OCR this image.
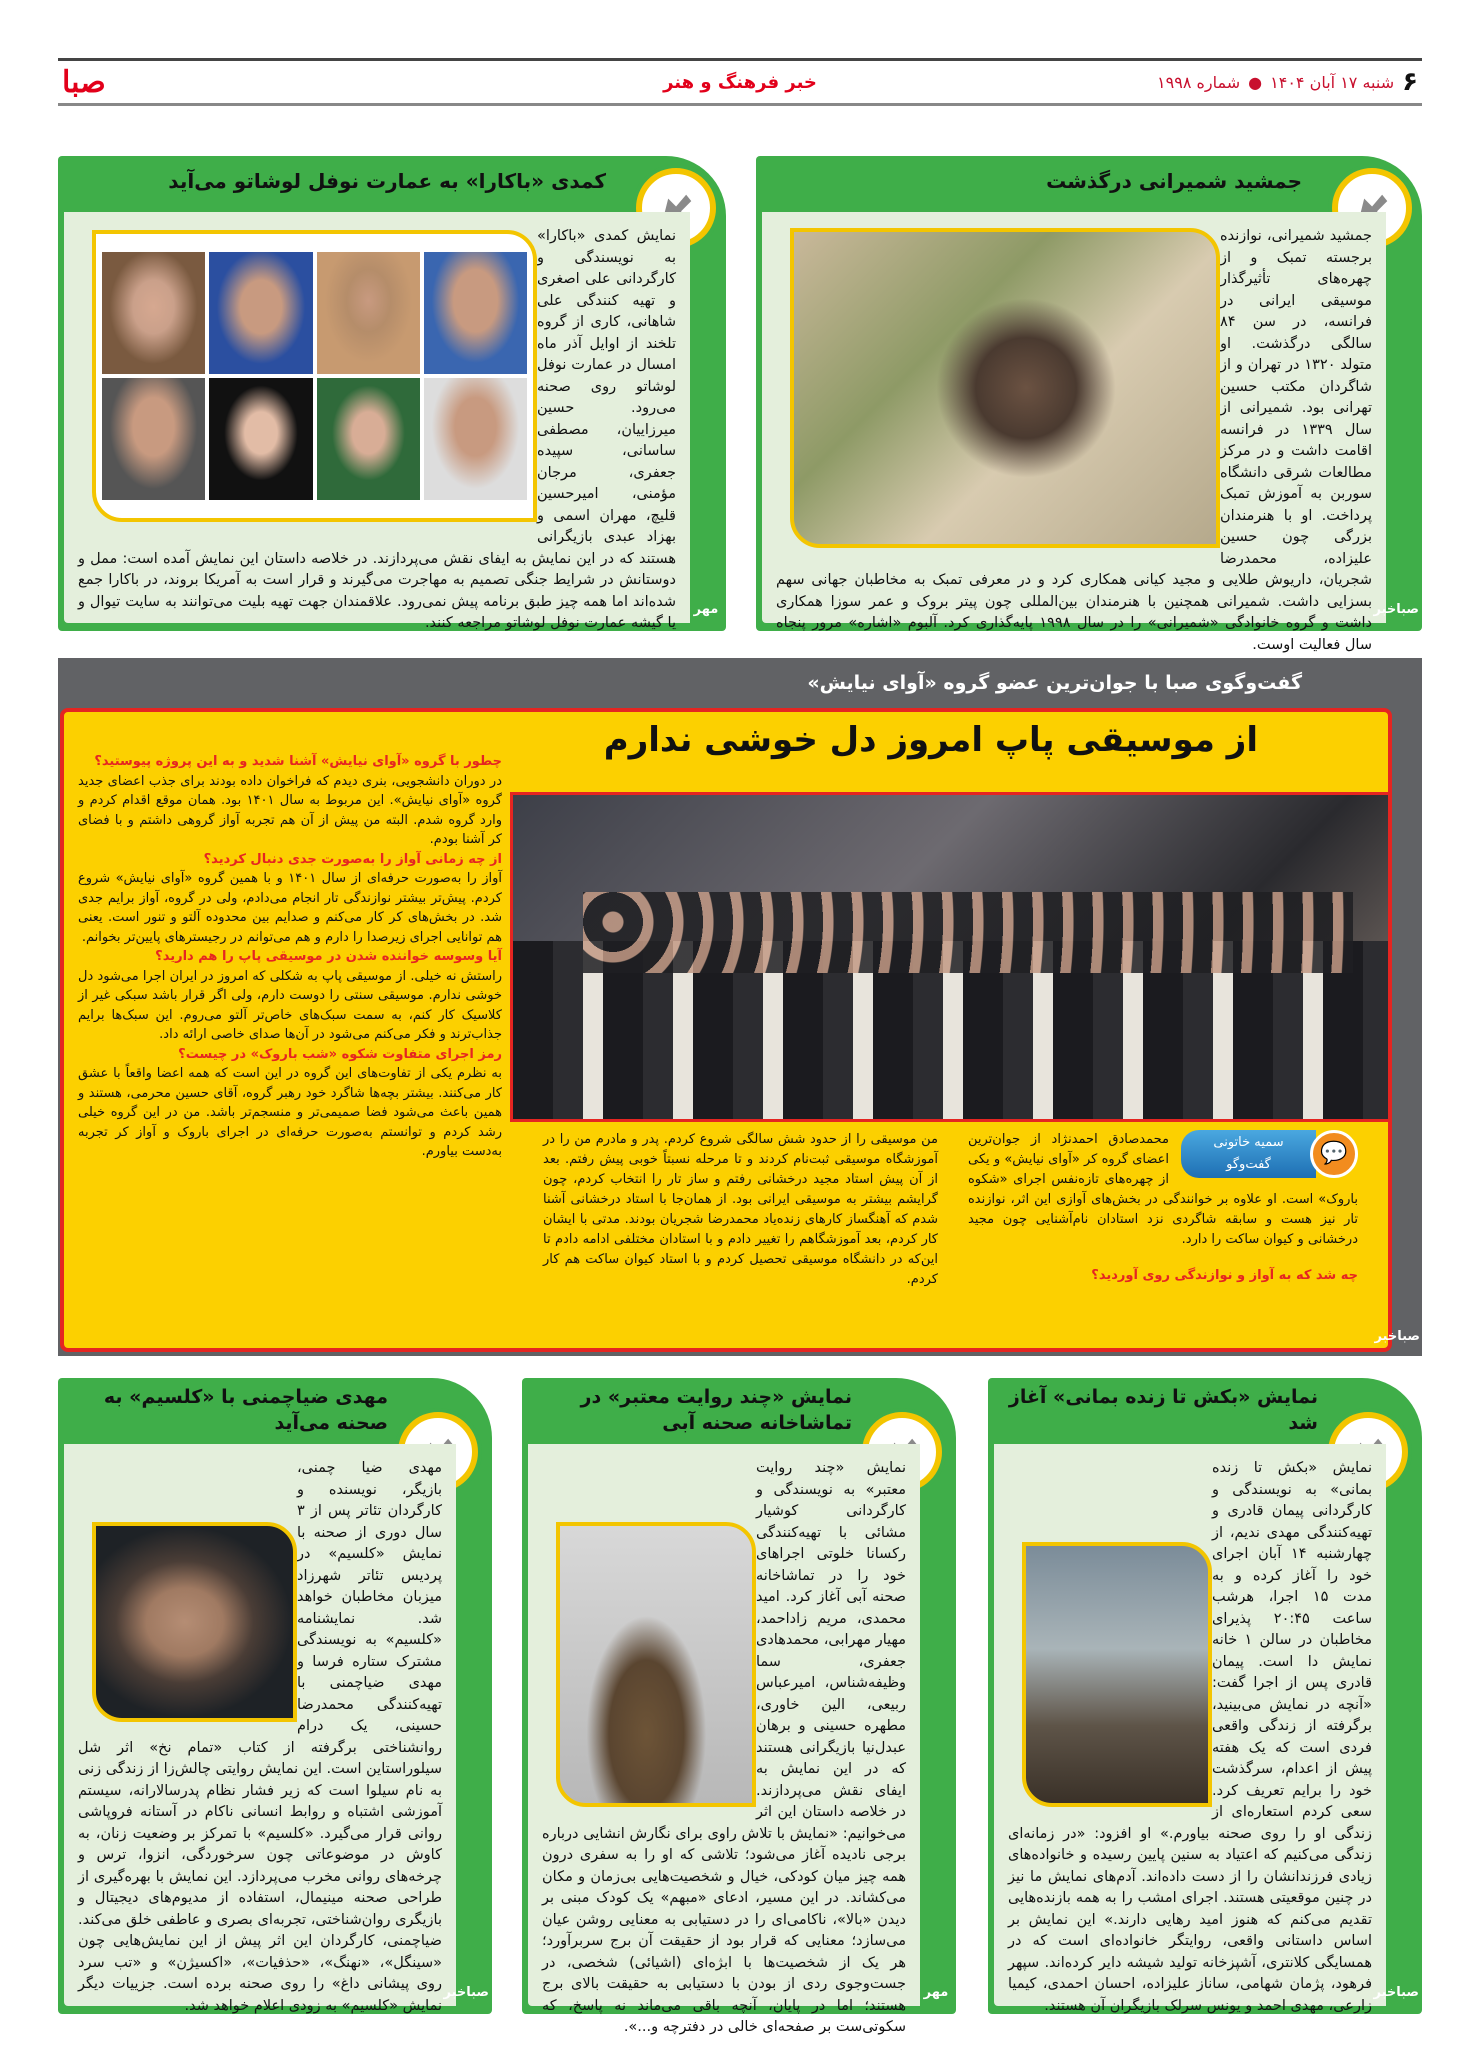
۶
شنبه ۱۷ آبان ۱۴۰۴
●
شماره ۱۹۹۸
خبر فرهنگ و هنر
صبا
جمشید شمیرانی درگذشت

جمشید شمیرانی، نوازنده برجسته تمبک و از چهره‌های تأثیرگذار موسیقی ایرانی در فرانسه، در سن ۸۴ سالگی درگذشت. او متولد ۱۳۲۰ در تهران و از شاگردان مکتب حسین تهرانی بود. شمیرانی از سال ۱۳۳۹ در فرانسه اقامت داشت و در مرکز مطالعات شرقی دانشگاه سوربن به آموزش تمبک پرداخت. او با هنرمندان بزرگی چون حسین علیزاده، محمدرضا شجریان، داریوش طلایی و مجید کیانی همکاری کرد و در معرفی تمبک به مخاطبان جهانی سهم بسزایی داشت. شمیرانی همچنین با هنرمندان بین‌المللی چون پیتر بروک و عمر سوزا همکاری داشت و گروه خانوادگی «شمیرانی» را در سال ۱۹۹۸ پایه‌گذاری کرد. آلبوم «اشاره» مرور پنجاه سال فعالیت اوست.

صباخبر
کمدی «باکارا» به عمارت نوفل لوشاتو می‌آید

نمایش کمدی «باکارا» به نویسندگی و کارگردانی علی اصغری و تهیه کنندگی علی شاهانی، کاری از گروه تلخند از اوایل آذر ماه امسال در عمارت نوفل لوشاتو روی صحنه می‌رود. حسین میرزاییان، مصطفی ساسانی، سپیده جعفری، مرجان مؤمنی، امیرحسین قلیچ، مهران اسمی و بهزاد عبدی بازیگرانی هستند که در این نمایش به ایفای نقش می‌پردازند. در خلاصه داستان این نمایش آمده است: ممل و دوستانش در شرایط جنگی تصمیم به مهاجرت می‌گیرند و قرار است به آمریکا بروند، در باکارا جمع شده‌اند اما همه چیز طبق برنامه پیش نمی‌رود. علاقمندان جهت تهیه بلیت می‌توانند به سایت تیوال و یا گیشه عمارت نوفل لوشاتو مراجعه کنند.

مهر
گفت‌وگوی صبا با جوان‌ترین عضو گروه «آوای نیایش»
از موسیقی پاپ امروز دل خوشی ندارم
چطور با گروه «آوای نیایش» آشنا شدید و به این پروژه پیوستید؟
در دوران دانشجویی، بنری دیدم که فراخوان داده بودند برای جذب اعضای جدید گروه «آوای نیایش». این مربوط به سال ۱۴۰۱ بود. همان موقع اقدام کردم و وارد گروه شدم. البته من پیش از آن هم تجربه آواز گروهی داشتم و با فضای کر آشنا بودم.
از چه زمانی آواز را به‌صورت جدی دنبال کردید؟
آواز را به‌صورت حرفه‌ای از سال ۱۴۰۱ و با همین گروه «آوای نیایش» شروع کردم. پیش‌تر بیشتر نوازندگی تار انجام می‌دادم، ولی در گروه، آواز برایم جدی شد. در بخش‌های کر کار می‌کنم و صدایم بین محدوده آلتو و تنور است. یعنی هم توانایی اجرای زیرصدا را دارم و هم می‌توانم در رجیسترهای پایین‌تر بخوانم.
آیا وسوسه خواننده شدن در موسیقی پاپ را هم دارید؟
راستش نه خیلی. از موسیقی پاپ به شکلی که امروز در ایران اجرا می‌شود دل خوشی ندارم. موسیقی سنتی را دوست دارم، ولی اگر قرار باشد سبکی غیر از کلاسیک کار کنم، به سمت سبک‌های خاص‌تر آلتو می‌روم. این سبک‌ها برایم جذاب‌ترند و فکر می‌کنم می‌شود در آن‌ها صدای خاصی ارائه داد.
رمز اجرای متفاوت شکوه «شب باروک» در چیست؟
به نظرم یکی از تفاوت‌های این گروه در این است که همه اعضا واقعاً با عشق کار می‌کنند. بیشتر بچه‌ها شاگرد خود رهبر گروه، آقای حسین محرمی، هستند و همین باعث می‌شود فضا صمیمی‌تر و منسجم‌تر باشد. من در این گروه خیلی رشد کردم و توانستم به‌صورت حرفه‌ای در اجرای باروک و آواز کر تجربه به‌دست بیاورم.	💬
سمیه خاتونی
گفت‌وگو

محمدصادق احمدنژاد از جوان‌ترین اعضای گروه کر «آوای نیایش» و یکی از چهره‌های تازه‌نفس اجرای «شکوه باروک» است. او علاوه بر خوانندگی در بخش‌های آوازی این اثر، نوازنده تار نیز هست و سابقه شاگردی نزد استادان نام‌آشنایی چون مجید درخشانی و کیوان ساکت را دارد.

چه شد که به آواز و نوازندگی روی آوردید؟

من موسیقی را از حدود شش سالگی شروع کردم. پدر و مادرم من را در آموزشگاه موسیقی ثبت‌نام کردند و تا مرحله نسبتاً خوبی پیش رفتم. بعد از آن پیش استاد مجید درخشانی رفتم و ساز تار را انتخاب کردم، چون گرایشم بیشتر به موسیقی ایرانی بود. از همان‌جا با استاد درخشانی آشنا شدم که آهنگساز کارهای زنده‌یاد محمدرضا شجریان بودند. مدتی با ایشان کار کردم، بعد آموزشگاهم را تغییر دادم و با استادان مختلفی ادامه دادم تا این‌که در دانشگاه موسیقی تحصیل کردم و با استاد کیوان ساکت هم کار کردم.

صباخبر
نمایش «بکش تا زنده بمانی» آغاز شد

نمایش «بکش تا زنده بمانی» به نویسندگی و کارگردانی پیمان قادری و تهیه‌کنندگی مهدی ندیم، از چهارشنبه ۱۴ آبان اجرای خود را آغاز کرده و به مدت ۱۵ اجرا، هرشب ساعت ۲۰:۴۵ پذیرای مخاطبان در سالن ۱ خانه نمایش دا است. پیمان قادری پس از اجرا گفت: «آنچه در نمایش می‌بینید، برگرفته از زندگی واقعی فردی است که یک هفته پیش از اعدام، سرگذشت خود را برایم تعریف کرد. سعی کردم استعاره‌ای از زندگی او را روی صحنه بیاورم.» او افزود: «در زمانه‌ای زندگی می‌کنیم که اعتیاد به سنین پایین رسیده و خانواده‌های زیادی فرزندانشان را از دست داده‌اند. آدم‌های نمایش ما نیز در چنین موقعیتی هستند. اجرای امشب را به همه بازنده‌هایی تقدیم می‌کنم که هنوز امید رهایی دارند.» این نمایش بر اساس داستانی واقعی، روایتگر خانواده‌ای است که در همسایگی کلانتری، آشپزخانه تولید شیشه دایر کرده‌اند. سپهر فرهود، پژمان شهامی، ساناز علیزاده، احسان احمدی، کیمیا زارعی، مهدی احمد و یونس سرلک بازیگران آن هستند.

صباخبر
نمایش «چند روایت معتبر» در تماشاخانه صحنه آبی

نمایش «چند روایت معتبر» به نویسندگی و کارگردانی کوشیار مشائی با تهیه‌کنندگی رکسانا خلوتی اجراهای خود را در تماشاخانه صحنه آبی آغاز کرد. امید محمدی، مریم زاداحمد، مهیار مهرابی، محمدهادی جعفری، سما وظیفه‌شناس، امیرعباس ربیعی، الین خاوری، مطهره حسینی و برهان عبدل‌نیا بازیگرانی هستند که در این نمایش به ایفای نقش می‌پردازند. در خلاصه داستان این اثر می‌خوانیم: «نمایش با تلاش راوی برای نگارش انشایی درباره برجی نادیده آغاز می‌شود؛ تلاشی که او را به سفری درون همه چیز میان کودکی، خیال و شخصیت‌هایی بی‌زمان و مکان می‌کشاند. در این مسیر، ادعای «مبهم» یک کودک مبنی بر دیدن «بالا»، ناکامی‌ای را در دستیابی به معنایی روشن عیان می‌سازد؛ معنایی که قرار بود از حقیقت آن برج سربرآورد؛ هر یک از شخصیت‌ها با ابژه‌ای (اشیائی) شخصی، در جست‌وجوی ردی از بودن با دستیابی به حقیقت بالای برج هستند؛ اما در پایان، آنچه باقی می‌ماند نه پاسخ، که سکوتی‌ست بر صفحه‌ای خالی در دفترچه و...».

مهر
مهدی ضیاچمنی با «کلسیم» به صحنه می‌آید

مهدی ضیا چمنی، بازیگر، نویسنده و کارگردان تئاتر پس از ۳ سال دوری از صحنه با نمایش «کلسیم» در پردیس تئاتر شهرزاد میزبان مخاطبان خواهد شد. نمایشنامه «کلسیم» به نویسندگی مشترک ستاره فرسا و مهدی ضیاچمنی با تهیه‌کنندگی محمدرضا حسینی، یک درام روانشناختی برگرفته از کتاب «تمام نخ» اثر شل سیلوراستاین است. این نمایش روایتی چالش‌زا از زندگی زنی به نام سیلوا است که زیر فشار نظام پدرسالارانه، سیستم آموزشی اشتباه و روابط انسانی ناکام در آستانه فروپاشی روانی قرار می‌گیرد. «کلسیم» با تمرکز بر وضعیت زنان، به کاوش در موضوعاتی چون سرخوردگی، انزوا، ترس و چرخه‌های روانی مخرب می‌پردازد. این نمایش با بهره‌گیری از طراحی صحنه مینیمال، استفاده از مدیوم‌های دیجیتال و بازیگری روان‌شناختی، تجربه‌ای بصری و عاطفی خلق می‌کند. ضیاچمنی، کارگردان این اثر پیش از این نمایش‌هایی چون «سینگل»، «نهنگ»، «حذفیات»، «اکسیژن» و «تب سرد روی پیشانی داغ» را روی صحنه برده است. جزییات دیگر نمایش «کلسیم» به زودی اعلام خواهد شد.

صباخبر
